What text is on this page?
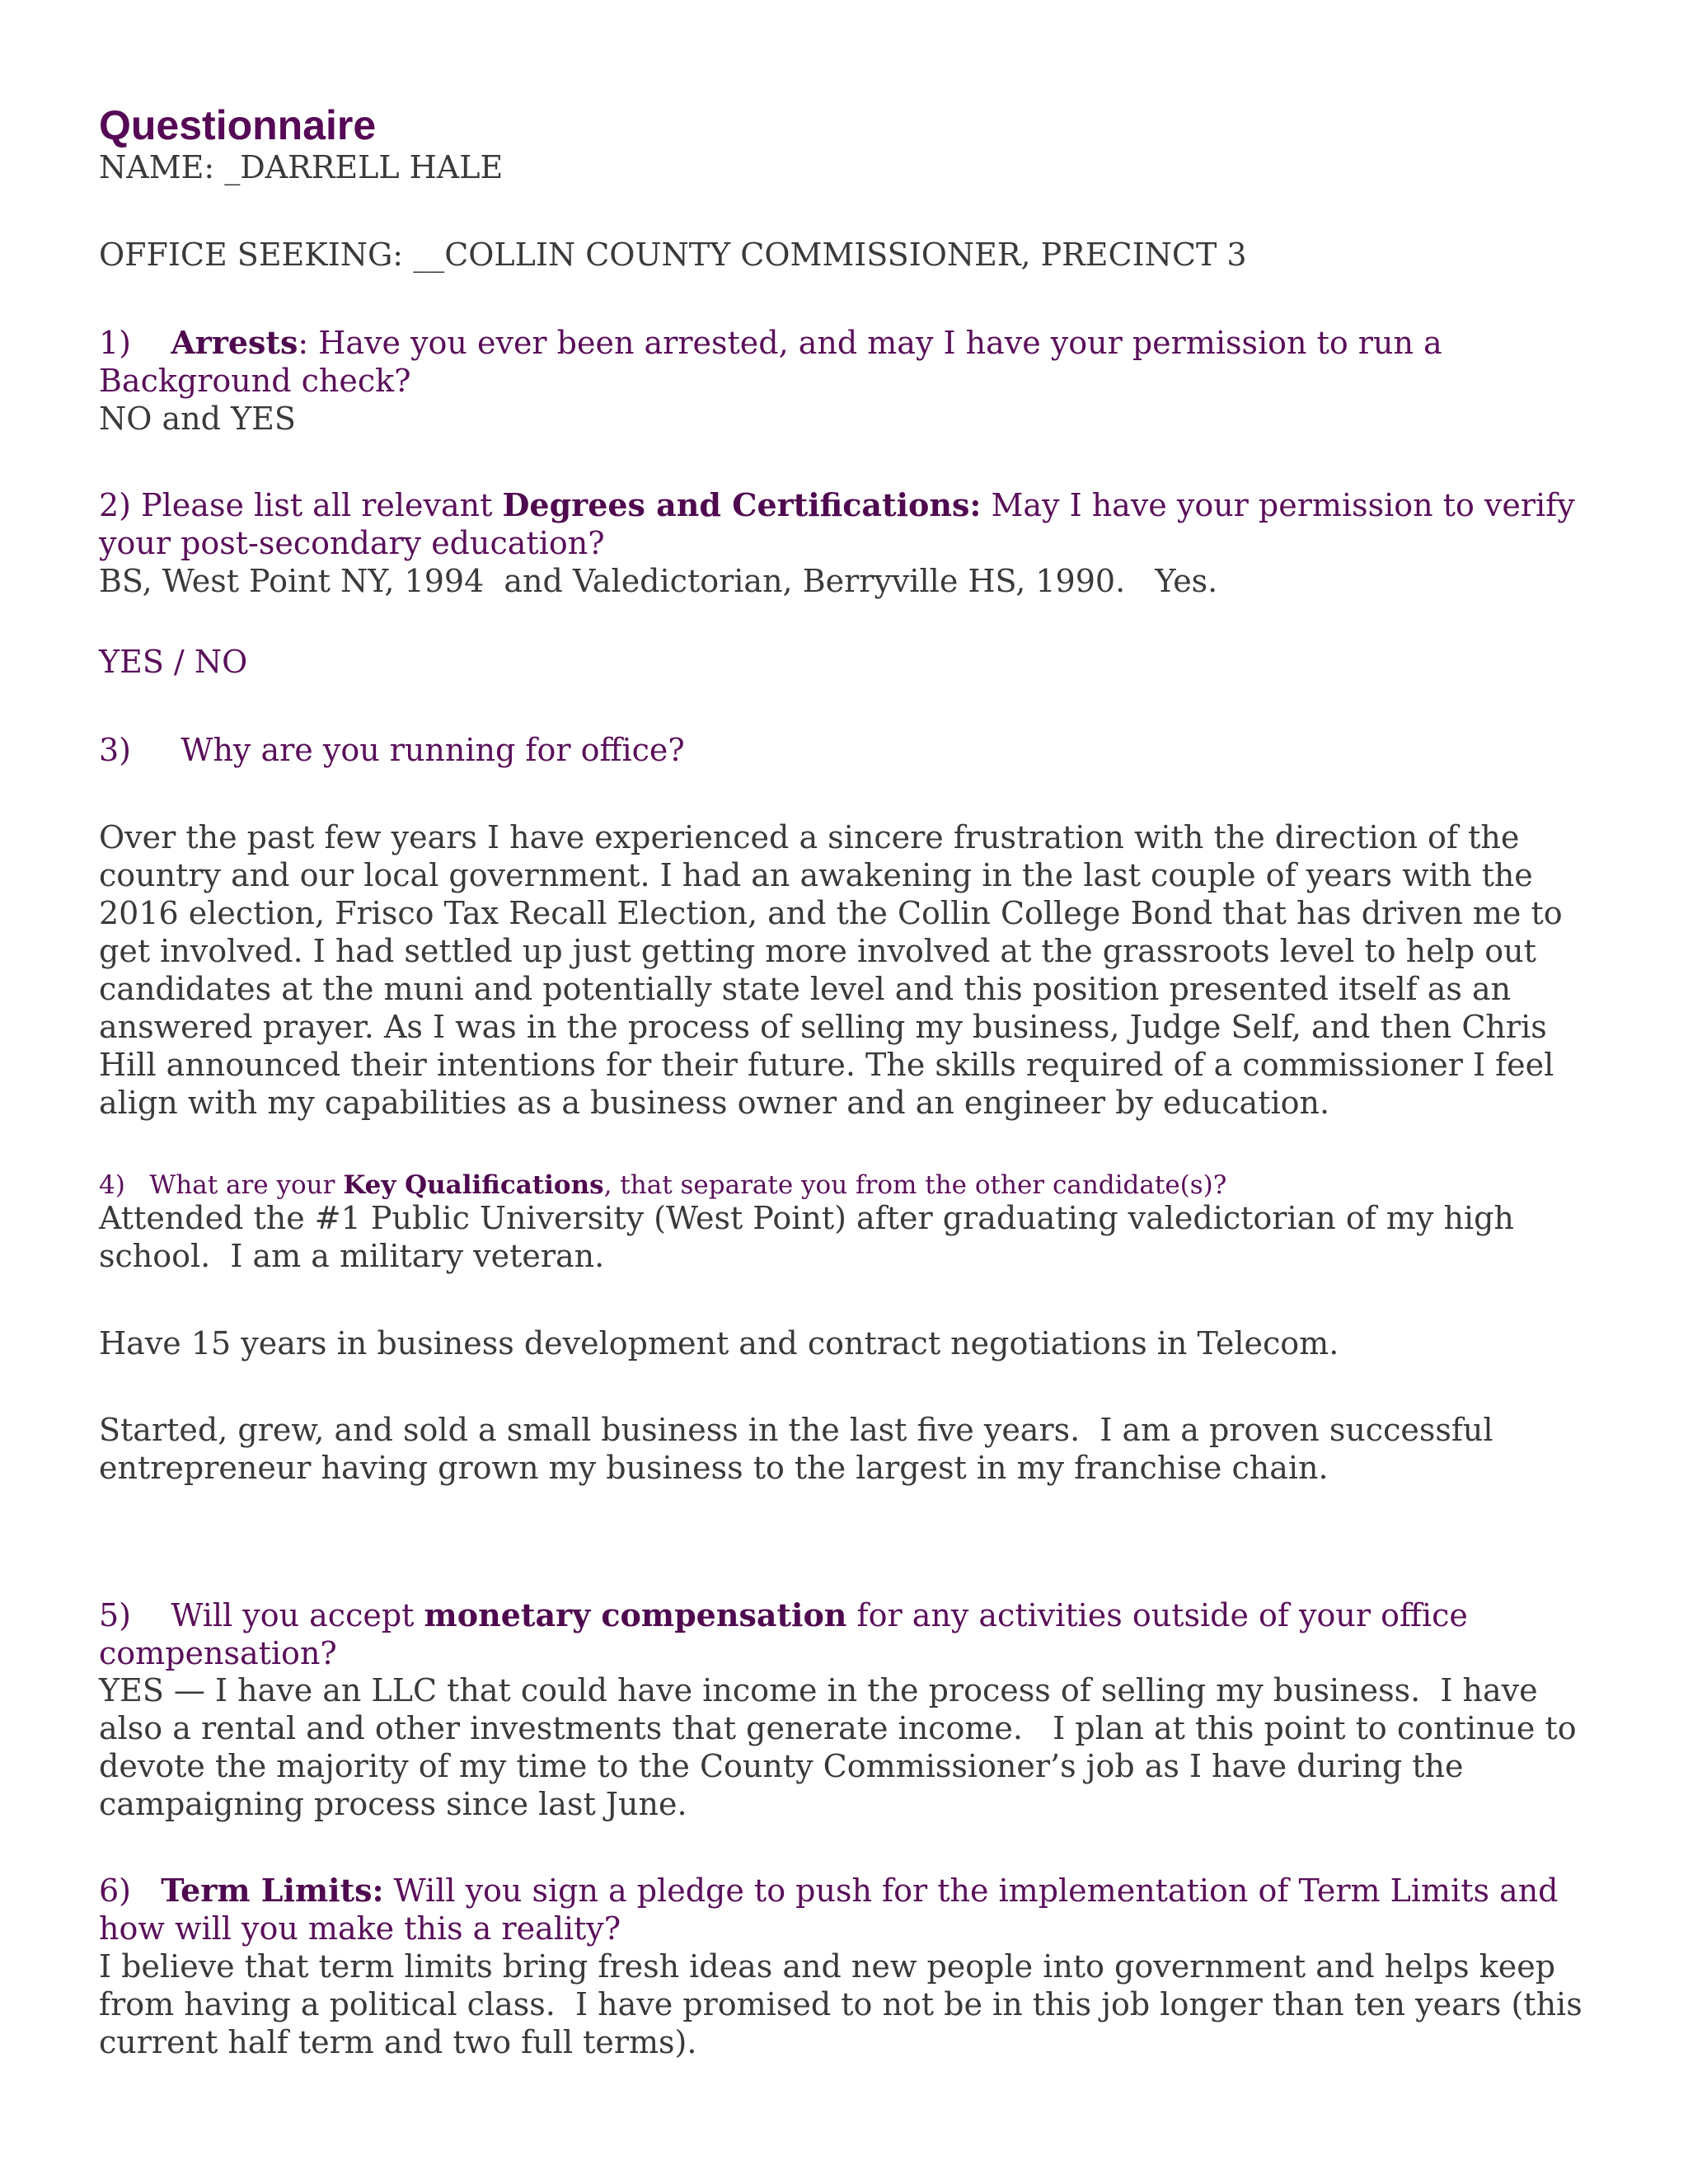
Questionnaire

NAME: _DARRELL HALE

OFFICE SEEKING: __COLLIN COUNTY COMMISSIONER, PRECINCT 3

1)    Arrests: Have you ever been arrested, and may I have your permission to run a Background check?

NO and YES

2) Please list all relevant Degrees and Certifications: May I have your permission to verify your post-secondary education?

BS, West Point NY, 1994  and Valedictorian, Berryville HS, 1990.   Yes.

YES / NO

3)     Why are you running for office?

Over the past few years I have experienced a sincere frustration with the direction of the country and our local government. I had an awakening in the last couple of years with the 2016 election, Frisco Tax Recall Election, and the Collin College Bond that has driven me to get involved. I had settled up just getting more involved at the grassroots level to help out candidates at the muni and potentially state level and this position presented itself as an answered prayer. As I was in the process of selling my business, Judge Self, and then Chris Hill announced their intentions for their future. The skills required of a commissioner I feel align with my capabilities as a business owner and an engineer by education.

4)   What are your Key Qualifications, that separate you from the other candidate(s)?

Attended the #1 Public University (West Point) after graduating valedictorian of my high school.  I am a military veteran.

Have 15 years in business development and contract negotiations in Telecom.

Started, grew, and sold a small business in the last five years.  I am a proven successful entrepreneur having grown my business to the largest in my franchise chain.

5)    Will you accept monetary compensation for any activities outside of your office compensation?

YES — I have an LLC that could have income in the process of selling my business.  I have also a rental and other investments that generate income.   I plan at this point to continue to devote the majority of my time to the County Commissioner’s job as I have during the campaigning process since last June.

6)   Term Limits: Will you sign a pledge to push for the implementation of Term Limits and how will you make this a reality?

I believe that term limits bring fresh ideas and new people into government and helps keep from having a political class.  I have promised to not be in this job longer than ten years (this current half term and two full terms).
